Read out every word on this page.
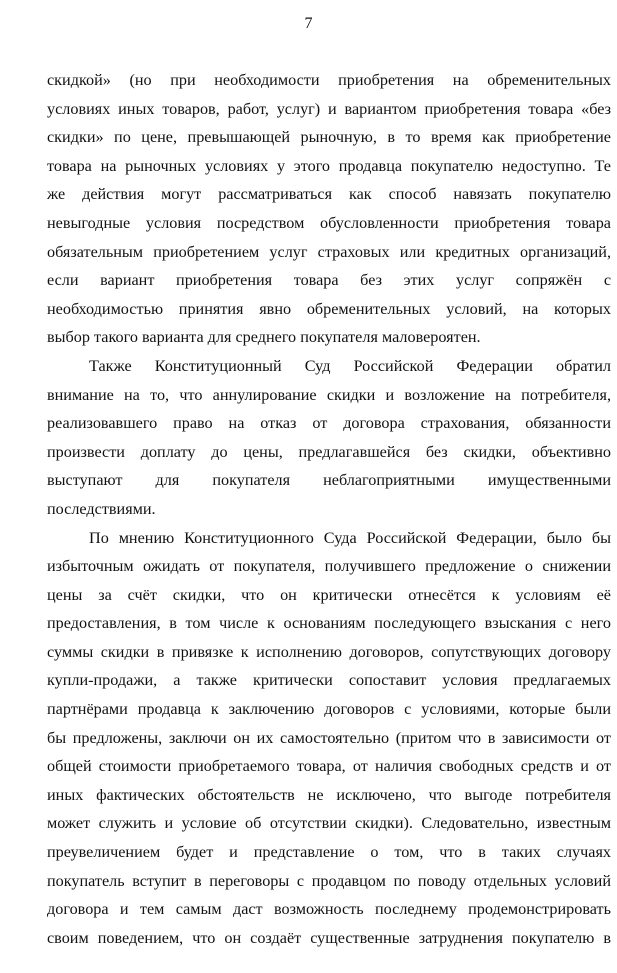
7

скидкой» (но при необходимости приобретения на обременительных
условиях иных товаров, работ, услуг) и вариантом приобретения товара «без
скидки» по цене, превышающей рыночную, в то время как приобретение
товара на рыночных условиях у этого продавца покупателю недоступно. Те
же действия могут рассматриваться как способ навязать покупателю
невыгодные условия посредством обусловленности приобретения товара
обязательным приобретением услуг страховых или кредитных организаций,
если вариант приобретения товара без этих услуг сопряжён с
необходимостью принятия явно обременительных условий, на которых
выбор такого варианта для среднего покупателя маловероятен.

Также Конституционный Суд Российской Федерации обратил
внимание на то, что аннулирование скидки и возложение на потребителя,
реализовавшего право на отказ от договора страхования, обязанности
произвести доплату до цены, предлагавшейся без скидки, объективно
выступают для покупателя неблагоприятными имущественными
последствиями.

По мнению Конституционного Суда Российской Федерации, было бы
избыточным ожидать от покупателя, получившего предложение о снижении
цены за счёт скидки, что он критически отнесётся к условиям её
предоставления, в том числе к основаниям последующего взыскания с него
суммы скидки в привязке к исполнению договоров, сопутствующих договору
купли-продажи, а также критически сопоставит условия предлагаемых
партнёрами продавца к заключению договоров с условиями, которые были
бы предложены, заключи он их самостоятельно (притом что в зависимости от
общей стоимости приобретаемого товара, от наличия свободных средств и от
иных фактических обстоятельств не исключено, что выгоде потребителя
может служить и условие об отсутствии скидки). Следовательно, известным
преувеличением будет и представление о том, что в таких случаях
покупатель вступит в переговоры с продавцом по поводу отдельных условий
договора и тем самым даст возможность последнему продемонстрировать
своим поведением, что он создаёт существенные затруднения покупателю в
